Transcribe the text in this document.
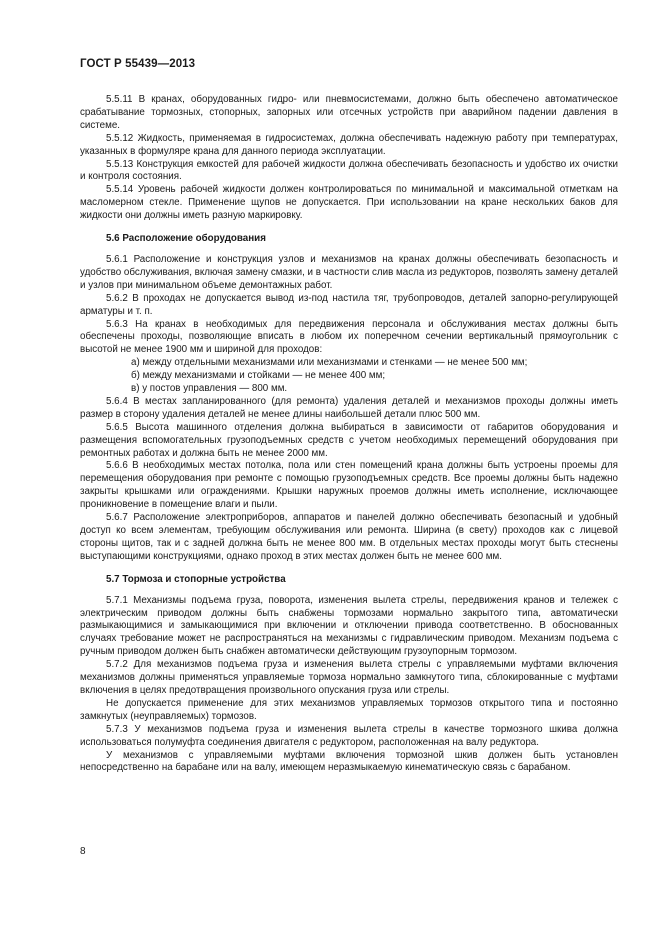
ГОСТ Р 55439—2013

5.5.11 В кранах, оборудованных гидро- или пневмосистемами, должно быть обеспечено автоматическое срабатывание тормозных, стопорных, запорных или отсечных устройств при аварийном падении давления в системе.

5.5.12 Жидкость, применяемая в гидросистемах, должна обеспечивать надежную работу при температурах, указанных в формуляре крана для данного периода эксплуатации.

5.5.13 Конструкция емкостей для рабочей жидкости должна обеспечивать безопасность и удобство их очистки и контроля состояния.

5.5.14 Уровень рабочей жидкости должен контролироваться по минимальной и максимальной отметкам на масломерном стекле. Применение щупов не допускается. При использовании на кране нескольких баков для жидкости они должны иметь разную маркировку.

5.6 Расположение оборудования

5.6.1 Расположение и конструкция узлов и механизмов на кранах должны обеспечивать безопасность и удобство обслуживания, включая замену смазки, и в частности слив масла из редукторов, позволять замену деталей и узлов при минимальном объеме демонтажных работ.

5.6.2 В проходах не допускается вывод из-под настила тяг, трубопроводов, деталей запорно-регулирующей арматуры и т. п.

5.6.3 На кранах в необходимых для передвижения персонала и обслуживания местах должны быть обеспечены проходы, позволяющие вписать в любом их поперечном сечении вертикальный прямоугольник с высотой не менее 1900 мм и шириной для проходов:

а) между отдельными механизмами или механизмами и стенками — не менее 500 мм;

б) между механизмами и стойками — не менее 400 мм;

в) у постов управления — 800 мм.

5.6.4 В местах запланированного (для ремонта) удаления деталей и механизмов проходы должны иметь размер в сторону удаления деталей не менее длины наибольшей детали плюс 500 мм.

5.6.5 Высота машинного отделения должна выбираться в зависимости от габаритов оборудования и размещения вспомогательных грузоподъемных средств с учетом необходимых перемещений оборудования при ремонтных работах и должна быть не менее 2000 мм.

5.6.6 В необходимых местах потолка, пола или стен помещений крана должны быть устроены проемы для перемещения оборудования при ремонте с помощью грузоподъемных средств. Все проемы должны быть надежно закрыты крышками или ограждениями. Крышки наружных проемов должны иметь исполнение, исключающее проникновение в помещение влаги и пыли.

5.6.7 Расположение электроприборов, аппаратов и панелей должно обеспечивать безопасный и удобный доступ ко всем элементам, требующим обслуживания или ремонта. Ширина (в свету) проходов как с лицевой стороны щитов, так и с задней должна быть не менее 800 мм. В отдельных местах проходы могут быть стеснены выступающими конструкциями, однако проход в этих местах должен быть не менее 600 мм.

5.7 Тормоза и стопорные устройства

5.7.1 Механизмы подъема груза, поворота, изменения вылета стрелы, передвижения кранов и тележек с электрическим приводом должны быть снабжены тормозами нормально закрытого типа, автоматически размыкающимися и замыкающимися при включении и отключении привода соответственно. В обоснованных случаях требование может не распространяться на механизмы с гидравлическим приводом. Механизм подъема с ручным приводом должен быть снабжен автоматически действующим грузоупорным тормозом.

5.7.2 Для механизмов подъема груза и изменения вылета стрелы с управляемыми муфтами включения механизмов должны применяться управляемые тормоза нормально замкнутого типа, сблокированные с муфтами включения в целях предотвращения произвольного опускания груза или стрелы.

Не допускается применение для этих механизмов управляемых тормозов открытого типа и постоянно замкнутых (неуправляемых) тормозов.

5.7.3 У механизмов подъема груза и изменения вылета стрелы в качестве тормозного шкива должна использоваться полумуфта соединения двигателя с редуктором, расположенная на валу редуктора.

У механизмов с управляемыми муфтами включения тормозной шкив должен быть установлен непосредственно на барабане или на валу, имеющем неразмыкаемую кинематическую связь с барабаном.

8
